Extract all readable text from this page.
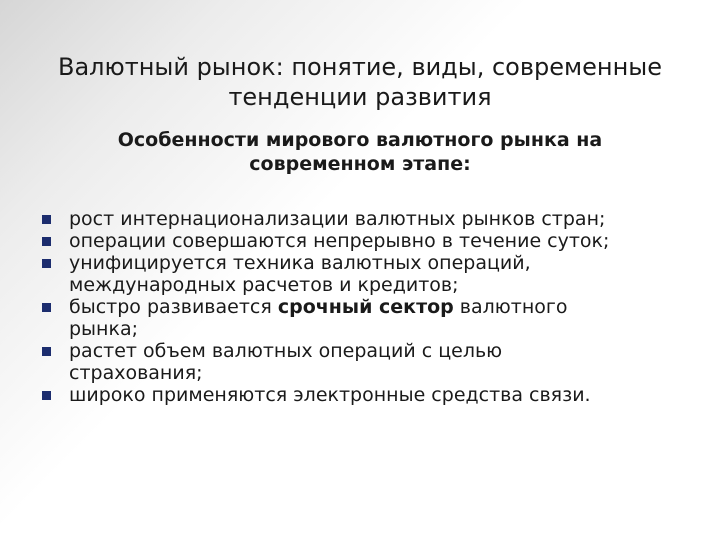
Валютный рынок: понятие, виды, современные
тенденции развития
Особенности мирового валютного рынка на
современном этапе:
рост интернационализации валютных рынков стран;
операции совершаются непрерывно в течение суток;
унифицируется техника валютных операций,
международных расчетов и кредитов;
быстро развивается срочный сектор валютного
рынка;
растет объем валютных операций с целью
страхования;
широко применяются электронные средства связи.
